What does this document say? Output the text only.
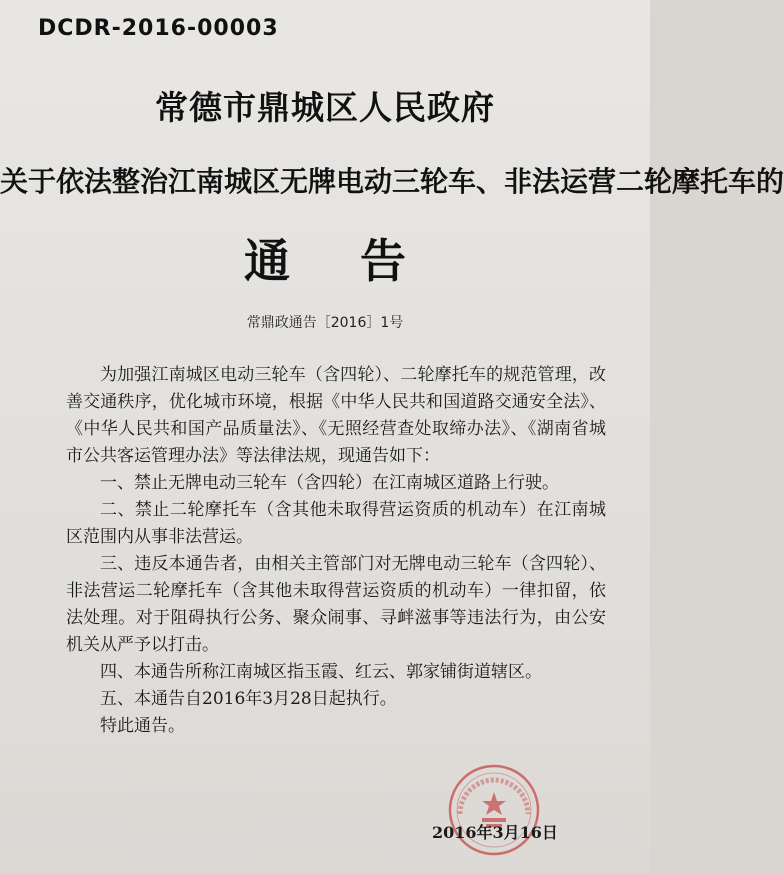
DCDR-2016-00003
常德市鼎城区人民政府
关于依法整治江南城区无牌电动三轮车、非法运营二轮摩托车的
通告
常鼎政通告［2016］1号

为加强江南城区电动三轮车（含四轮）、二轮摩托车的规范管理，改善交通秩序，优化城市环境，根据《中华人民共和国道路交通安全法》、《中华人民共和国产品质量法》、《无照经营查处取缔办法》、《湖南省城市公共客运管理办法》等法律法规，现通告如下：

一、禁止无牌电动三轮车（含四轮）在江南城区道路上行驶。

二、禁止二轮摩托车（含其他未取得营运资质的机动车）在江南城区范围内从事非法营运。

三、违反本通告者，由相关主管部门对无牌电动三轮车（含四轮）、非法营运二轮摩托车（含其他未取得营运资质的机动车）一律扣留，依法处理。对于阻碍执行公务、聚众闹事、寻衅滋事等违法行为，由公安机关从严予以打击。

四、本通告所称江南城区指玉霞、红云、郭家铺街道辖区。

五、本通告自2016年3月28日起执行。

特此通告。

2016年3月16日
